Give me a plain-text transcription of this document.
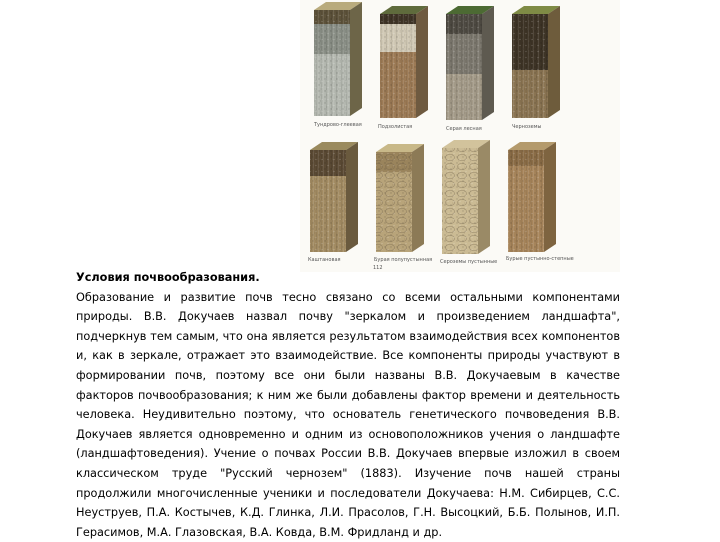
Тундрово-глеевая	Подзолистая	Серая лесная	Черноземы
Каштановая	Бурая полупустынная Сероземы пустынные Бурые пустынно-степные
112
Условия почвообразования.

Образование и развитие почв тесно связано со всеми остальными компонентами природы. В.В. Докучаев назвал почву "зеркалом и произведением ландшафта", подчеркнув тем самым, что она является результатом взаимодействия всех компонентов и, как в зеркале, отражает это взаимодействие. Все компоненты природы участвуют в формировании почв, поэтому все они были названы В.В. Докучаевым в качестве факторов почвообразования; к ним же были добавлены фактор времени и деятельность человека. Неудивительно поэтому, что основатель генетического почвоведения В.В. Докучаев является одновременно и одним из основоположников учения о ландшафте (ландшафтоведения). Учение о почвах России В.В. Докучаев впервые изложил в своем классическом труде "Русский чернозем" (1883). Изучение почв нашей страны продолжили многочисленные ученики и последователи Докучаева: Н.М. Сибирцев, С.С. Неуструев, П.А. Костычев, К.Д. Глинка, Л.И. Прасолов, Г.Н. Высоцкий, Б.Б. Полынов, И.П. Герасимов, М.А. Глазовская, В.А. Ковда, В.М. Фридланд и др.
